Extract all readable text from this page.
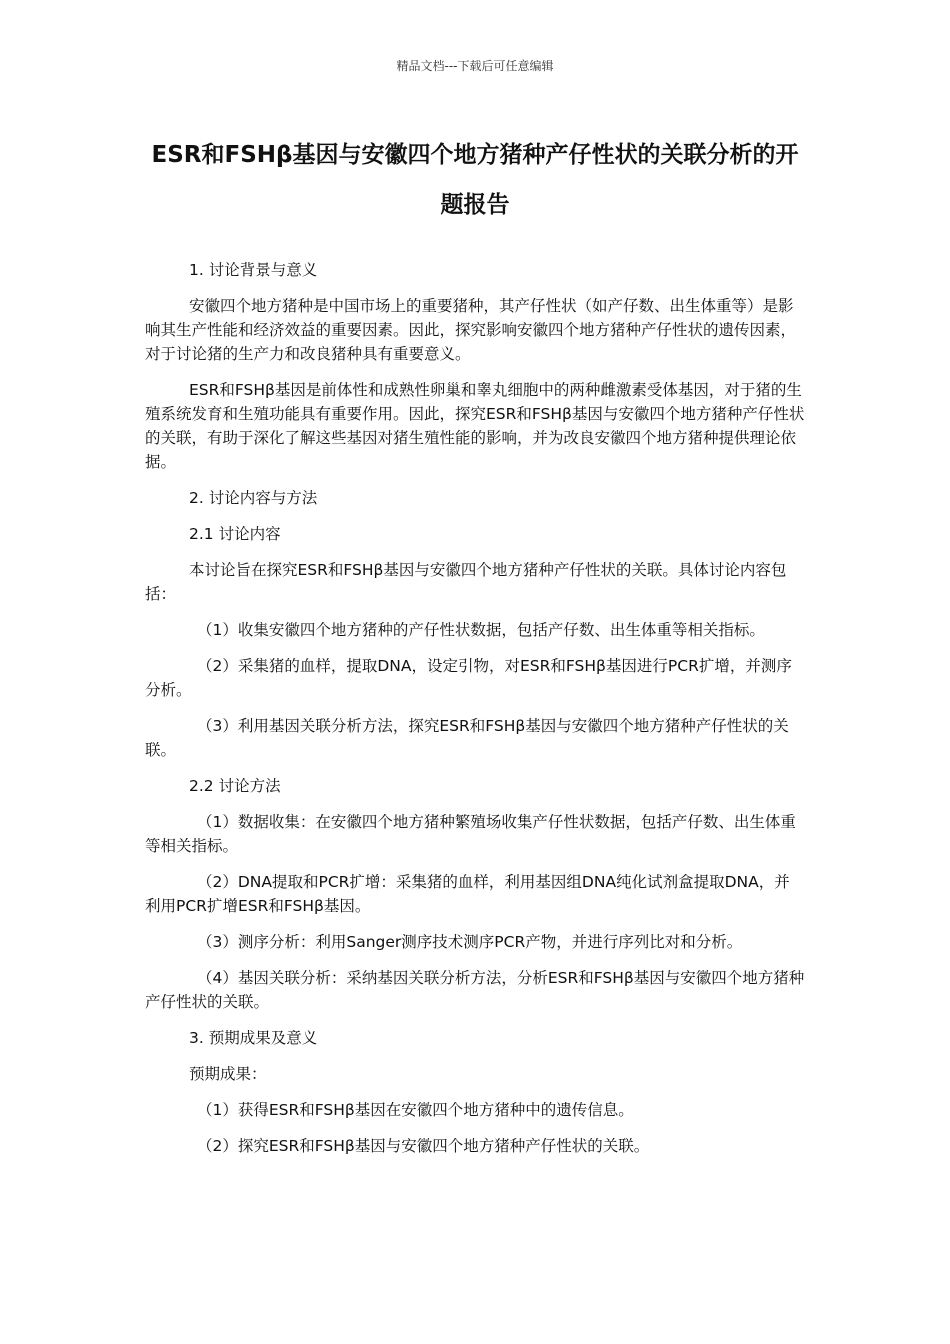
精品文档---下载后可任意编辑
ESR和FSHβ基因与安徽四个地方猪种产仔性状的关联分析的开题报告

1. 讨论背景与意义

安徽四个地方猪种是中国市场上的重要猪种，其产仔性状（如产仔数、出生体重等）是影响其生产性能和经济效益的重要因素。因此，探究影响安徽四个地方猪种产仔性状的遗传因素，对于讨论猪的生产力和改良猪种具有重要意义。

ESR和FSHβ基因是前体性和成熟性卵巢和睾丸细胞中的两种雌激素受体基因，对于猪的生殖系统发育和生殖功能具有重要作用。因此，探究ESR和FSHβ基因与安徽四个地方猪种产仔性状的关联，有助于深化了解这些基因对猪生殖性能的影响，并为改良安徽四个地方猪种提供理论依据。

2. 讨论内容与方法

2.1 讨论内容

本讨论旨在探究ESR和FSHβ基因与安徽四个地方猪种产仔性状的关联。具体讨论内容包括：

（1）收集安徽四个地方猪种的产仔性状数据，包括产仔数、出生体重等相关指标。

（2）采集猪的血样，提取DNA，设定引物，对ESR和FSHβ基因进行PCR扩增，并测序分析。

（3）利用基因关联分析方法，探究ESR和FSHβ基因与安徽四个地方猪种产仔性状的关联。

2.2 讨论方法

（1）数据收集：在安徽四个地方猪种繁殖场收集产仔性状数据，包括产仔数、出生体重等相关指标。

（2）DNA提取和PCR扩增：采集猪的血样，利用基因组DNA纯化试剂盒提取DNA，并利用PCR扩增ESR和FSHβ基因。

（3）测序分析：利用Sanger测序技术测序PCR产物，并进行序列比对和分析。

（4）基因关联分析：采纳基因关联分析方法，分析ESR和FSHβ基因与安徽四个地方猪种产仔性状的关联。

3. 预期成果及意义

预期成果：

（1）获得ESR和FSHβ基因在安徽四个地方猪种中的遗传信息。

（2）探究ESR和FSHβ基因与安徽四个地方猪种产仔性状的关联。
